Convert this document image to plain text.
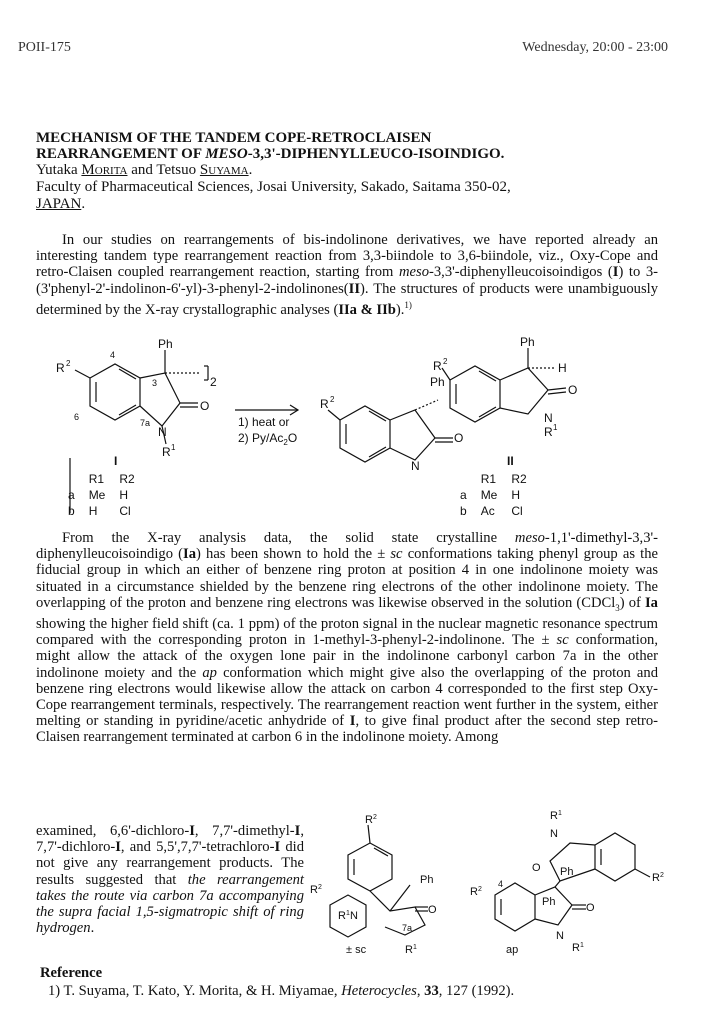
POII-175	Wednesday, 20:00 - 23:00
MECHANISM OF THE TANDEM COPE-RETROCLAISEN
REARRANGEMENT OF MESO-3,3'-DIPHENYLLEUCO-ISOINDIGO.
Yutaka Morita and Tetsuo Suyama.
Faculty of Pharmaceutical Sciences, Josai University, Sakado, Saitama 350-02,
JAPAN.
In our studies on rearrangements of bis-indolinone derivatives, we have reported already an interesting tandem type rearrangement reaction from 3,3-biindole to 3,6-biindole, viz., Oxy-Cope and retro-Claisen coupled rearrangement reaction, starting from meso-3,3'-diphenylleucoisoindigos (I) to 3-(3'phenyl-2'-indolinon-6'-yl)-3-phenyl-2-indolinones(II). The structures of products were unambiguously determined by the X-ray crystallographic analyses (IIa & IIb).$^{1)}$
Ph
2
R 2
4
3
6
7a
O
N
R 1
I
1) heat or
2) $Py/Ac_2O$
R 2
Ph
O
N
R 2
Ph
H
O
N
R 1
II
	R1	R2
a	Me	H
b	H	Cl
	R1	R2
a	Me	H
b	Ac	Cl
From the X-ray analysis data, the solid state crystalline meso-1,1'-dimethyl-3,3'-diphenylleucoisoindigo (Ia) has been shown to hold the ± sc conformations taking phenyl group as the fiducial group in which an either of benzene ring proton at position 4 in one indolinone moiety was situated in a circumstance shielded by the benzene ring electrons of the other indolinone moiety. The overlapping of the proton and benzene ring electrons was likewise observed in the solution (CDCl$_3$) of Ia showing the higher field shift (ca. 1 ppm) of the proton signal in the nuclear magnetic resonance spectrum compared with the corresponding proton in 1-methyl-3-phenyl-2-indolinone. The ± sc conformation, might allow the attack of the oxygen lone pair in the indolinone carbonyl carbon 7a in the other indolinone moiety and the ap conformation which might give also the overlapping of the proton and benzene ring electrons would likewise allow the attack on carbon 4 corresponded to the first step Oxy-Cope rearrangement terminals, respectively. The rearrangement reaction went further in the system, either melting or standing in pyridine/acetic anhydride of I, to give final product after the second step retro-Claisen rearrangement terminated at carbon 6 in the indolinone moiety. Among
examined, 6,6'-dichloro-I, 7,7'-dimethyl-I, 7,7'-dichloro-I, and 5,5',7,7'-tetrachloro-I did not give any rearrangement products. The results suggested that the rearrangement takes the route via carbon 7a accompanying the supra facial 1,5-sigmatropic shift of ring hydrogen.
R 2
Ph
R 2
R 1 N	O
7a
R 1
± sc
R 1
N
O Ph
Ph	O
4
R 2
R 2
N
R 1
ap
Reference
1) T. Suyama, T. Kato, Y. Morita, & H. Miyamae, Heterocycles, 33, 127 (1992).
